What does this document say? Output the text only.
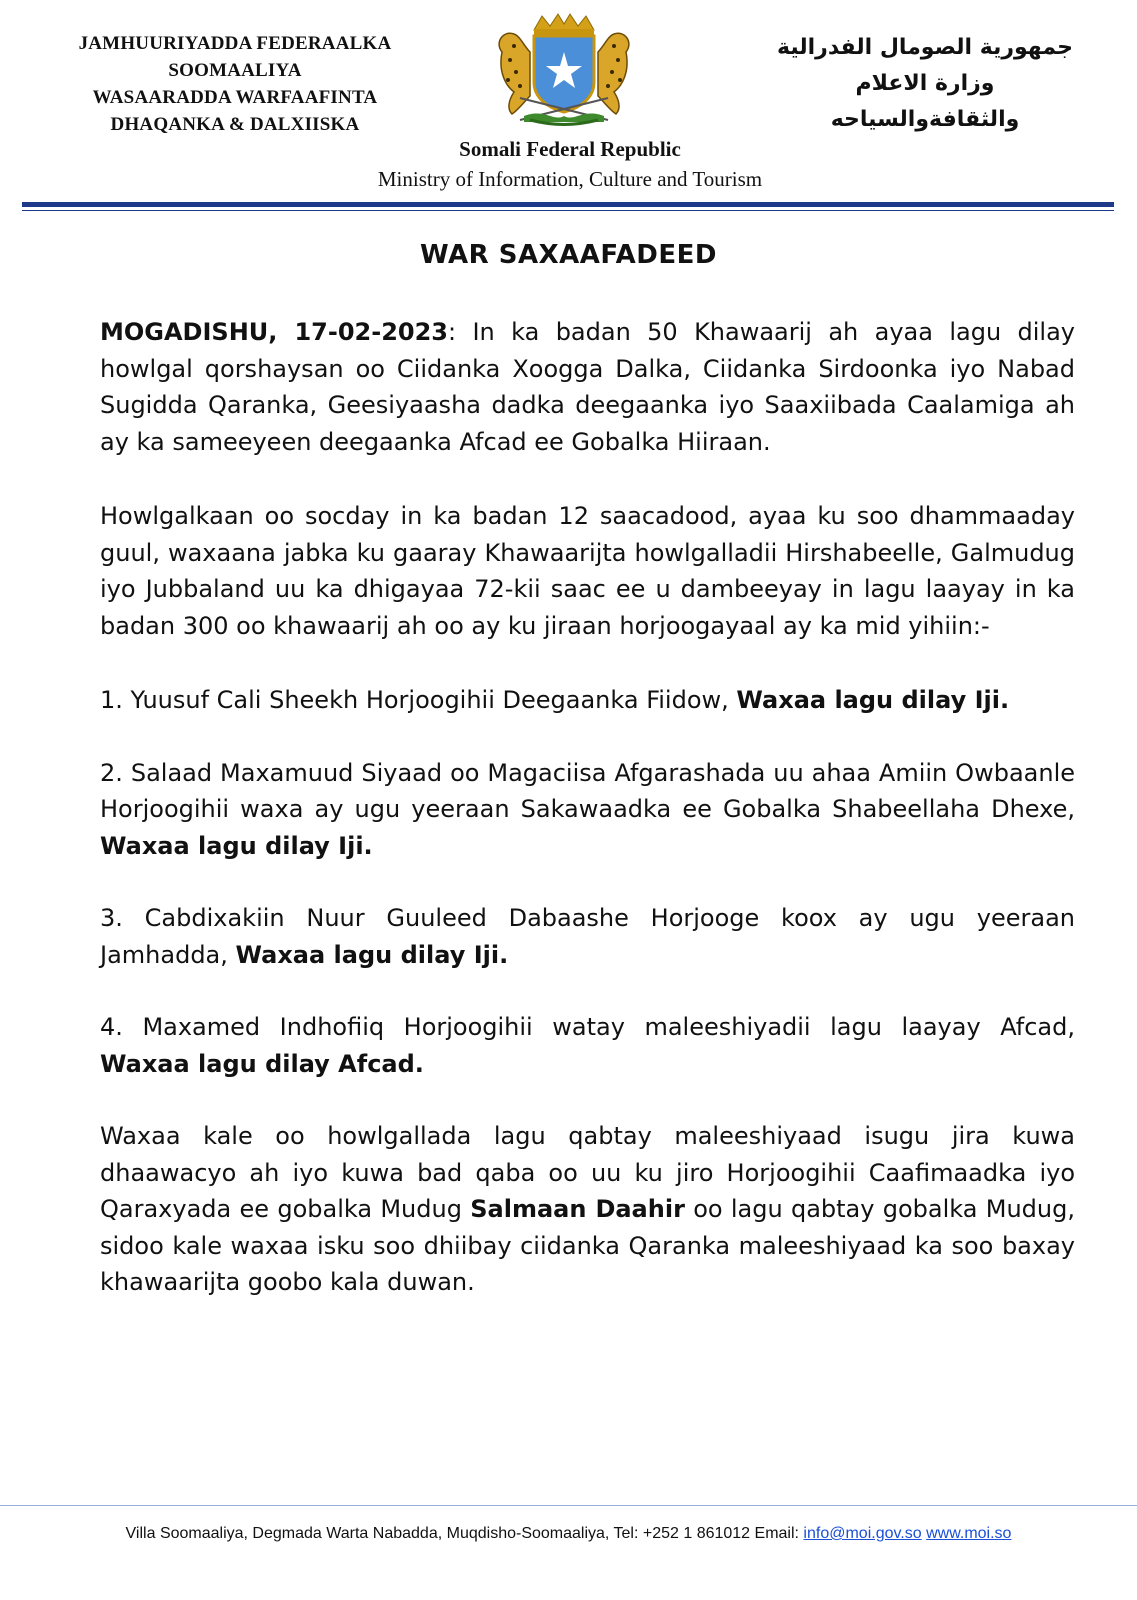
JAMHUURIYADDA FEDERAALKA
SOOMAALIYA
WASAARADDA WARFAAFINTA
DHAQANKA & DALXIISKA
جمهورية الصومال الفدرالية
وزارة الاعلام
والثقافةوالسياحه
Somali Federal Republic
Ministry of Information, Culture and Tourism
WAR SAXAAFADEED

MOGADISHU, 17-02-2023: In ka badan 50 Khawaarij ah ayaa lagu dilay howlgal qorshaysan oo Ciidanka Xoogga Dalka, Ciidanka Sirdoonka iyo Nabad Sugidda Qaranka, Geesiyaasha dadka deegaanka iyo Saaxiibada Caalamiga ah ay ka sameeyeen deegaanka Afcad ee Gobalka Hiiraan.

Howlgalkaan oo socday in ka badan 12 saacadood, ayaa ku soo dhammaaday guul, waxaana jabka ku gaaray Khawaarijta howlgalladii Hirshabeelle, Galmudug iyo Jubbaland uu ka dhigayaa 72-kii saac ee u dambeeyay in lagu laayay in ka badan 300 oo khawaarij ah oo ay ku jiraan horjoogayaal ay ka mid yihiin:-

1. Yuusuf Cali Sheekh Horjoogihii Deegaanka Fiidow, Waxaa lagu dilay Iji.

2. Salaad Maxamuud Siyaad oo Magaciisa Afgarashada uu ahaa Amiin Owbaanle Horjoogihii waxa ay ugu yeeraan Sakawaadka ee Gobalka Shabeellaha Dhexe, Waxaa lagu dilay Iji.

3. Cabdixakiin Nuur Guuleed Dabaashe Horjooge koox ay ugu yeeraan Jamhadda, Waxaa lagu dilay Iji.

4. Maxamed Indhofiiq Horjoogihii watay maleeshiyadii lagu laayay Afcad, Waxaa lagu dilay Afcad.

Waxaa kale oo howlgallada lagu qabtay maleeshiyaad isugu jira kuwa dhaawacyo ah iyo kuwa bad qaba oo uu ku jiro Horjoogihii Caafimaadka iyo Qaraxyada ee gobalka Mudug Salmaan Daahir oo lagu qabtay gobalka Mudug, sidoo kale waxaa isku soo dhiibay ciidanka Qaranka maleeshiyaad ka soo baxay khawaarijta goobo kala duwan.

Villa Soomaaliya, Degmada Warta Nabadda, Muqdisho-Soomaaliya, Tel: +252 1 861012 Email: info@moi.gov.so www.moi.so
